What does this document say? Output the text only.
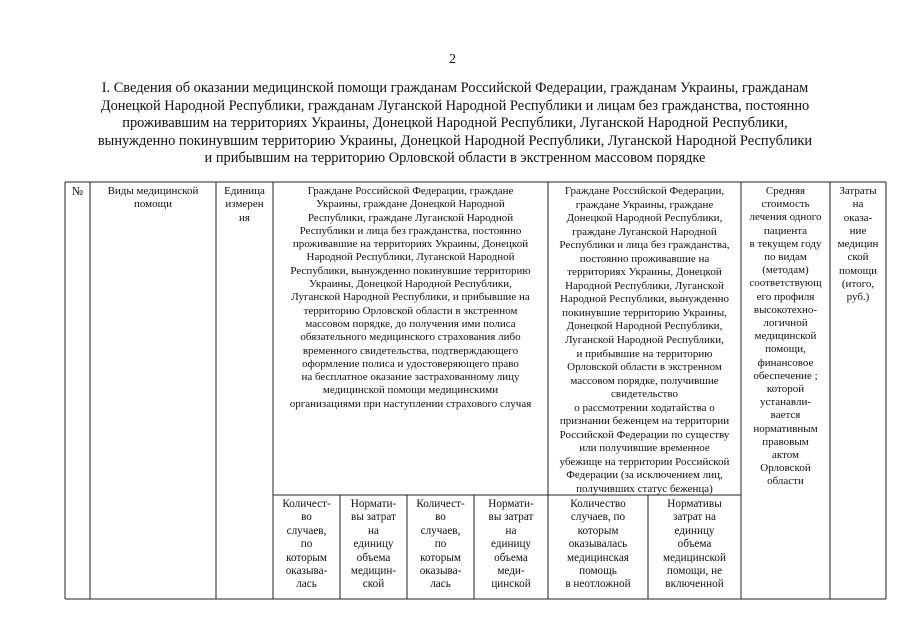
2
I. Сведения об оказании медицинской помощи гражданам Российской Федерации, гражданам Украины, гражданам
Донецкой Народной Республики, гражданам Луганской Народной Республики и лицам без гражданства, постоянно
проживавшим на территориях Украины, Донецкой Народной Республики, Луганской Народной Республики,
вынужденно покинувшим территорию Украины, Донецкой Народной Республики, Луганской Народной Республики
и прибывшим на территорию Орловской области в экстренном массовом порядке
№	Виды медицинской
помощи
Единица
измерен
ия
Граждане Российской Федерации, граждане
Украины, граждане Донецкой Народной
Республики, граждане Луганской Народной
Республики и лица без гражданства, постоянно
проживавшие на территориях Украины, Донецкой
Народной Республики, Луганской Народной
Республики, вынужденно покинувшие территорию
Украины, Донецкой Народной Республики,
Луганской Народной Республики, и прибывшие на
территорию Орловской области в экстренном
массовом порядке, до получения ими полиса
обязательного медицинского страхования либо
временного свидетельства, подтверждающего
оформление полиса и удостоверяющего право
на бесплатное оказание застрахованному лицу
медицинской помощи медицинскими
организациями при наступлении страхового случая
Граждане Российской Федерации,
граждане Украины, граждане
Донецкой Народной Республики,
граждане Луганской Народной
Республики и лица без гражданства,
постоянно проживавшие на
территориях Украины, Донецкой
Народной Республики, Луганской
Народной Республики, вынужденно
покинувшие территорию Украины,
Донецкой Народной Республики,
Луганской Народной Республики,
и прибывшие на территорию
Орловской области в экстренном
массовом порядке, получившие
свидетельство
о рассмотрении ходатайства о
признании беженцем на территории
Российской Федерации по существу
или получившие временное
убежище на территории Российской
Федерации (за исключением лиц,
получивших статус беженца)
Средняя
стоимость
лечения одного
пациента
в текущем году
по видам
(методам)
соответствующ
его профиля
высокотехно-
логичной
медицинской
помощи,
финансовое
обеспечение ;
которой
устанавли-
вается
нормативным
правовым
актом
Орловской
области
Затраты
на
оказа-
ние
медицин
ской
помощи
(итого,
руб.)
Количест-
во
случаев,
по
которым
оказыва-
лась
Нормати-
вы затрат
на
единицу
объема
медицин-
ской
Количест-
во
случаев,
по
которым
оказыва-
лась
Нормати-
вы затрат
на
единицу
объема
меди-
цинской
Количество
случаев, по
которым
оказывалась
медицинская
помощь
в неотложной
Нормативы
затрат на
единицу
объема
медицинской
помощи, не
включенной
